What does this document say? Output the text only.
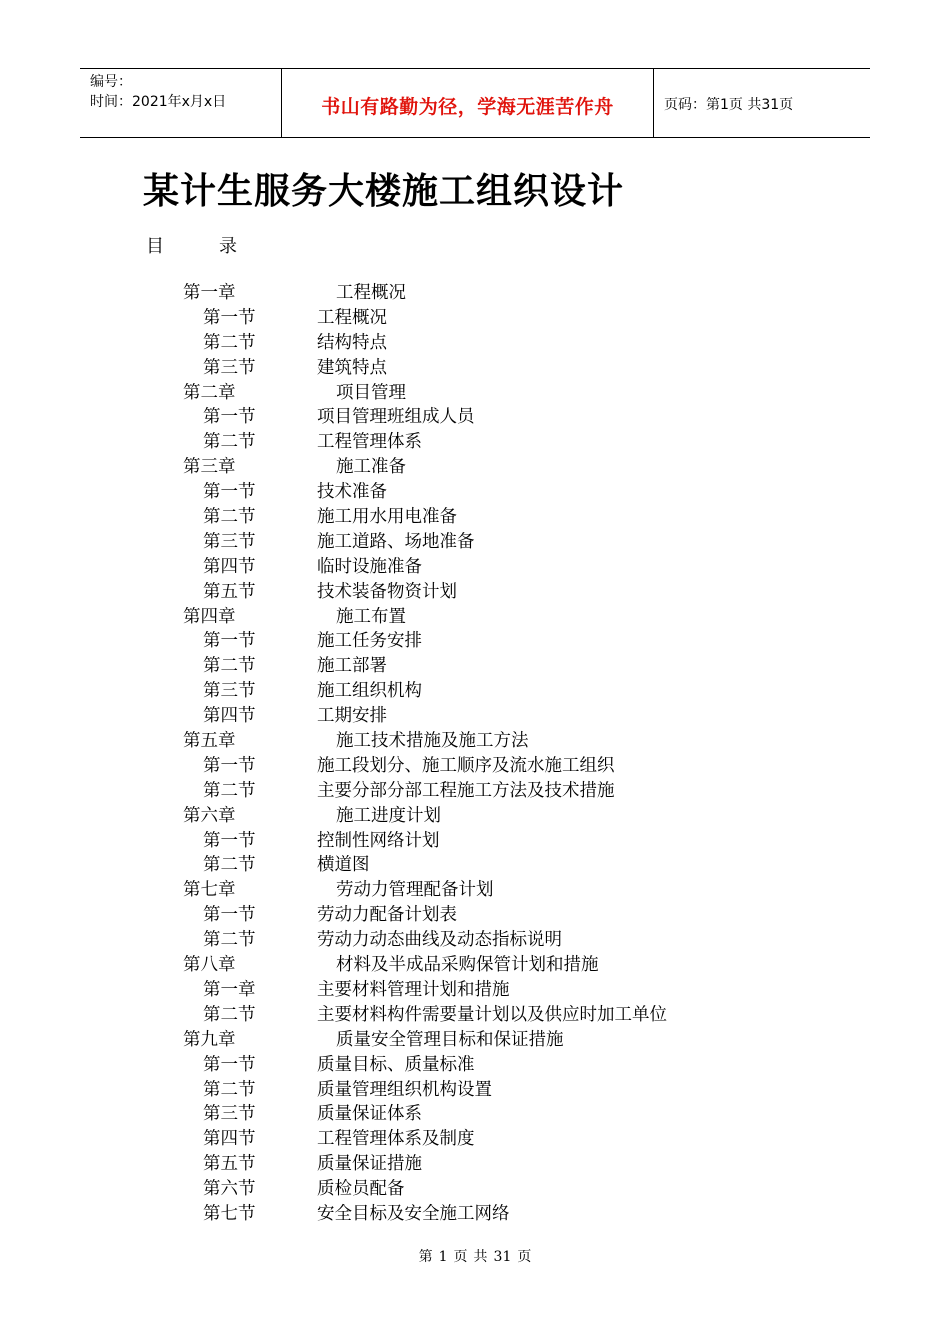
编号：
时间：2021年x月x日	书山有路勤为径，学海无涯苦作舟	页码：第1页 共31页
某计生服务大楼施工组织设计
目	录
第一章	工程概况
第一节	工程概况
第二节	结构特点
第三节	建筑特点
第二章	项目管理
第一节	项目管理班组成人员
第二节	工程管理体系
第三章	施工准备
第一节	技术准备
第二节	施工用水用电准备
第三节	施工道路、场地准备
第四节	临时设施准备
第五节	技术装备物资计划
第四章	施工布置
第一节	施工任务安排
第二节	施工部署
第三节	施工组织机构
第四节	工期安排
第五章	施工技术措施及施工方法
第一节	施工段划分、施工顺序及流水施工组织
第二节	主要分部分部工程施工方法及技术措施
第六章	施工进度计划
第一节	控制性网络计划
第二节	横道图
第七章	劳动力管理配备计划
第一节	劳动力配备计划表
第二节	劳动力动态曲线及动态指标说明
第八章	材料及半成品采购保管计划和措施
第一章	主要材料管理计划和措施
第二节	主要材料构件需要量计划以及供应时加工单位
第九章	质量安全管理目标和保证措施
第一节	质量目标、质量标准
第二节	质量管理组织机构设置
第三节	质量保证体系
第四节	工程管理体系及制度
第五节	质量保证措施
第六节	质检员配备
第七节	安全目标及安全施工网络
第 1 页 共 31 页
